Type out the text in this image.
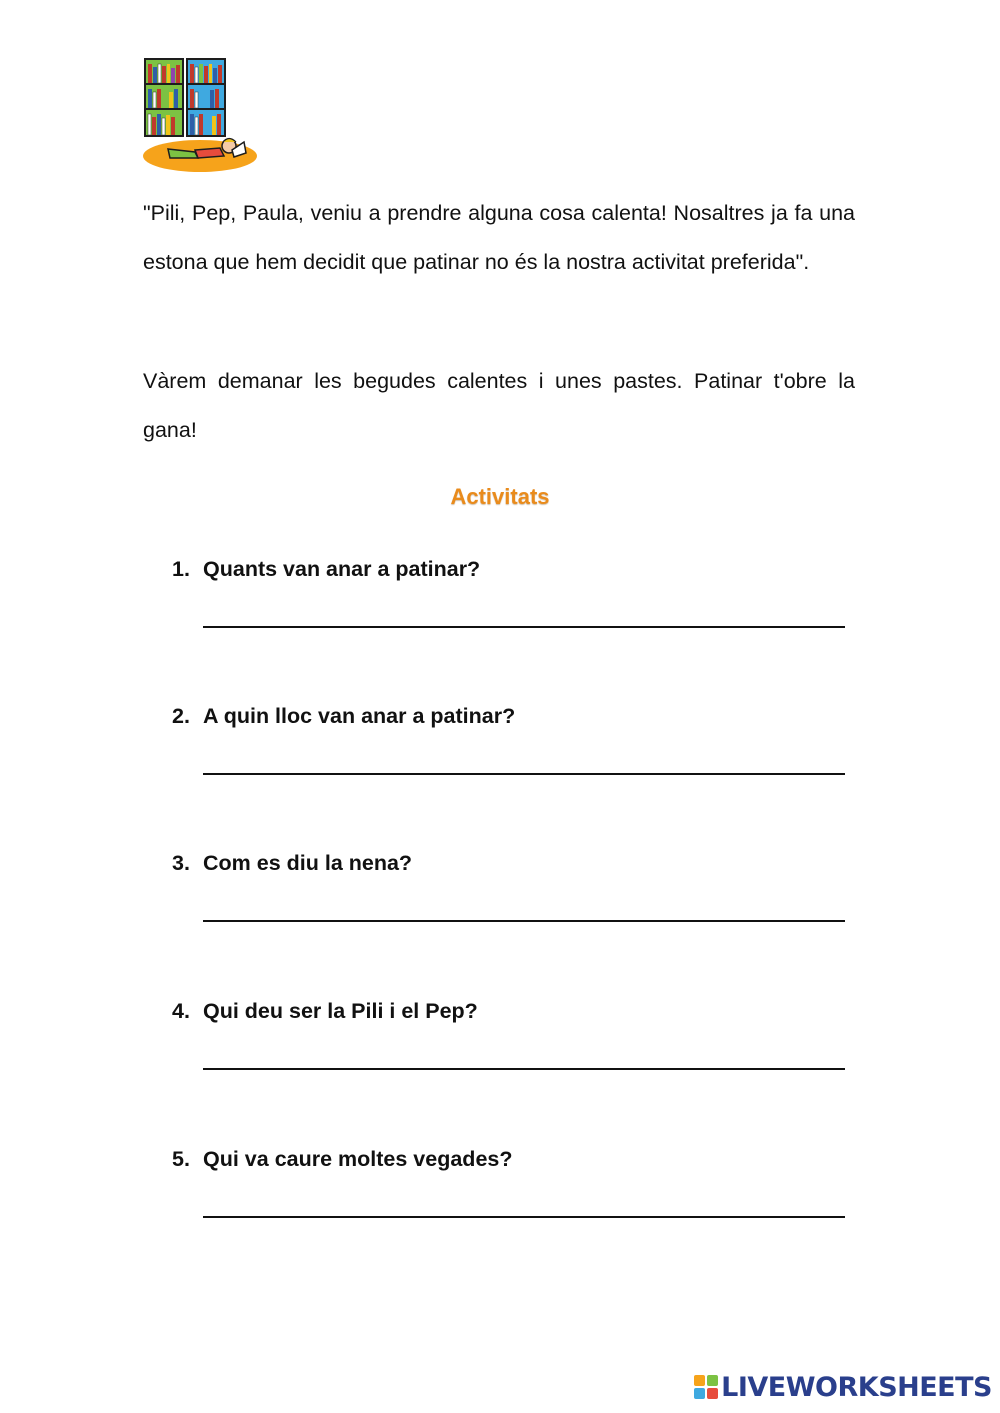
"Pili, Pep, Paula, veniu a prendre alguna cosa calenta! Nosaltres ja fa una estona que hem decidit que patinar no és la nostra activitat preferida".

Vàrem demanar les begudes calentes i unes pastes. Patinar t'obre la gana!

Activitats
1. Quants van anar a patinar?
2. A quin lloc van anar a patinar?
3. Com es diu la nena?
4. Qui deu ser la Pili i el Pep?
5. Qui va caure moltes vegades?
LIVEWORKSHEETS
